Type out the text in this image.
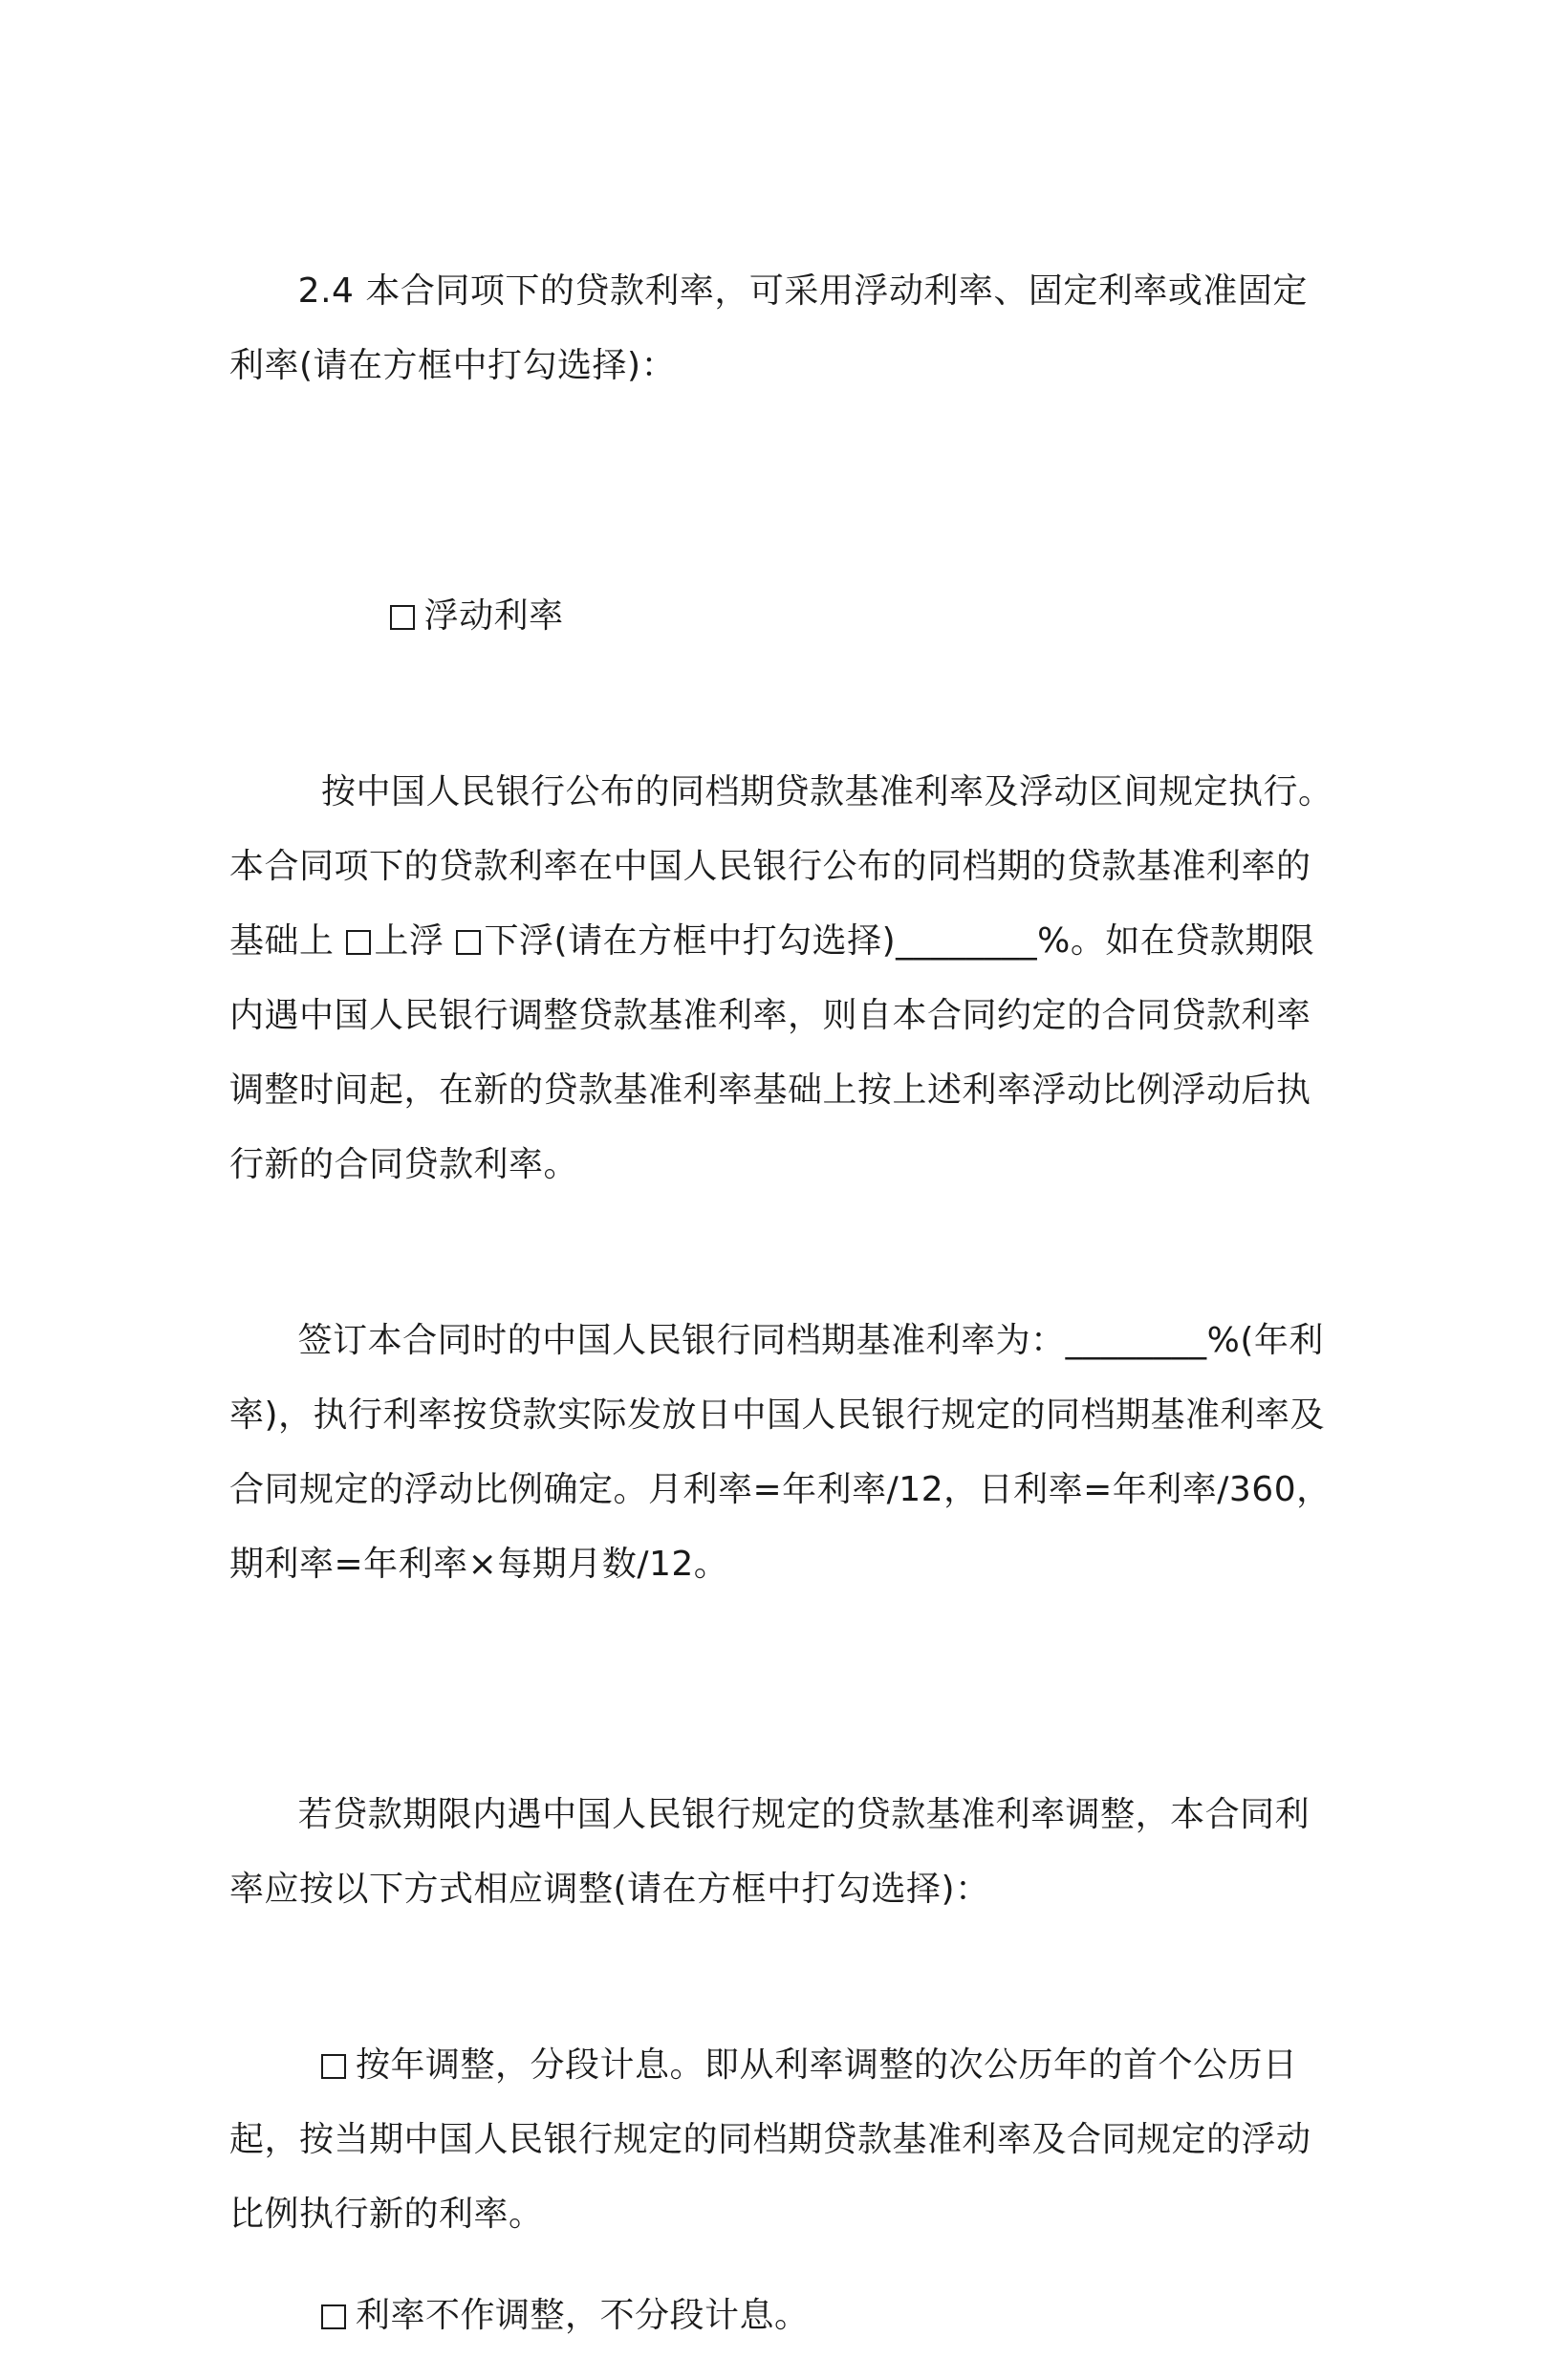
2.4 本合同项下的贷款利率，可采用浮动利率、固定利率或准固定利率(请在方框中打勾选择)：

浮动利率

按中国人民银行公布的同档期贷款基准利率及浮动区间规定执行。本合同项下的贷款利率在中国人民银行公布的同档期的贷款基准利率的基础上 上浮 下浮(请在方框中打勾选择)________%。如在贷款期限内遇中国人民银行调整贷款基准利率，则自本合同约定的合同贷款利率调整时间起，在新的贷款基准利率基础上按上述利率浮动比例浮动后执行新的合同贷款利率。

签订本合同时的中国人民银行同档期基准利率为：________%(年利率)，执行利率按贷款实际发放日中国人民银行规定的同档期基准利率及合同规定的浮动比例确定。月利率=年利率/12，日利率=年利率/360，期利率=年利率×每期月数/12。

若贷款期限内遇中国人民银行规定的贷款基准利率调整，本合同利率应按以下方式相应调整(请在方框中打勾选择)：

按年调整，分段计息。即从利率调整的次公历年的首个公历日起，按当期中国人民银行规定的同档期贷款基准利率及合同规定的浮动比例执行新的利率。

利率不作调整，不分段计息。
